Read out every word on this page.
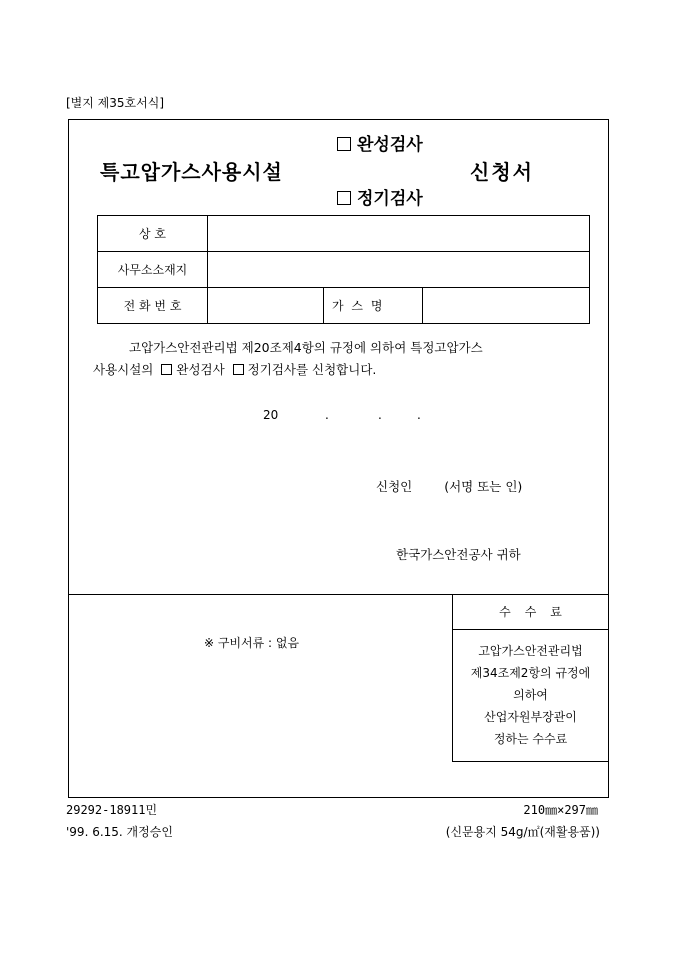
[별지 제35호서식]
특고압가스사용시설
완성검사
정기검사
신청서
상 호			
사무소소재지			
전 화 번 호		가 스 명	
고압가스안전관리법 제20조제4항의 규정에 의하여 특정고압가스
사용시설의 완성검사 정기검사를 신청합니다.
20	.	.	.
신청인	(서명 또는 인)
한국가스안전공사 귀하
※ 구비서류 : 없음
수수료
고압가스안전관리법
제34조제2항의 규정에
의하여
산업자원부장관이
정하는 수수료
29292-18911민
'99. 6.15. 개정승인
210㎜×297㎜
(신문용지 54g/㎡(재활용품))
